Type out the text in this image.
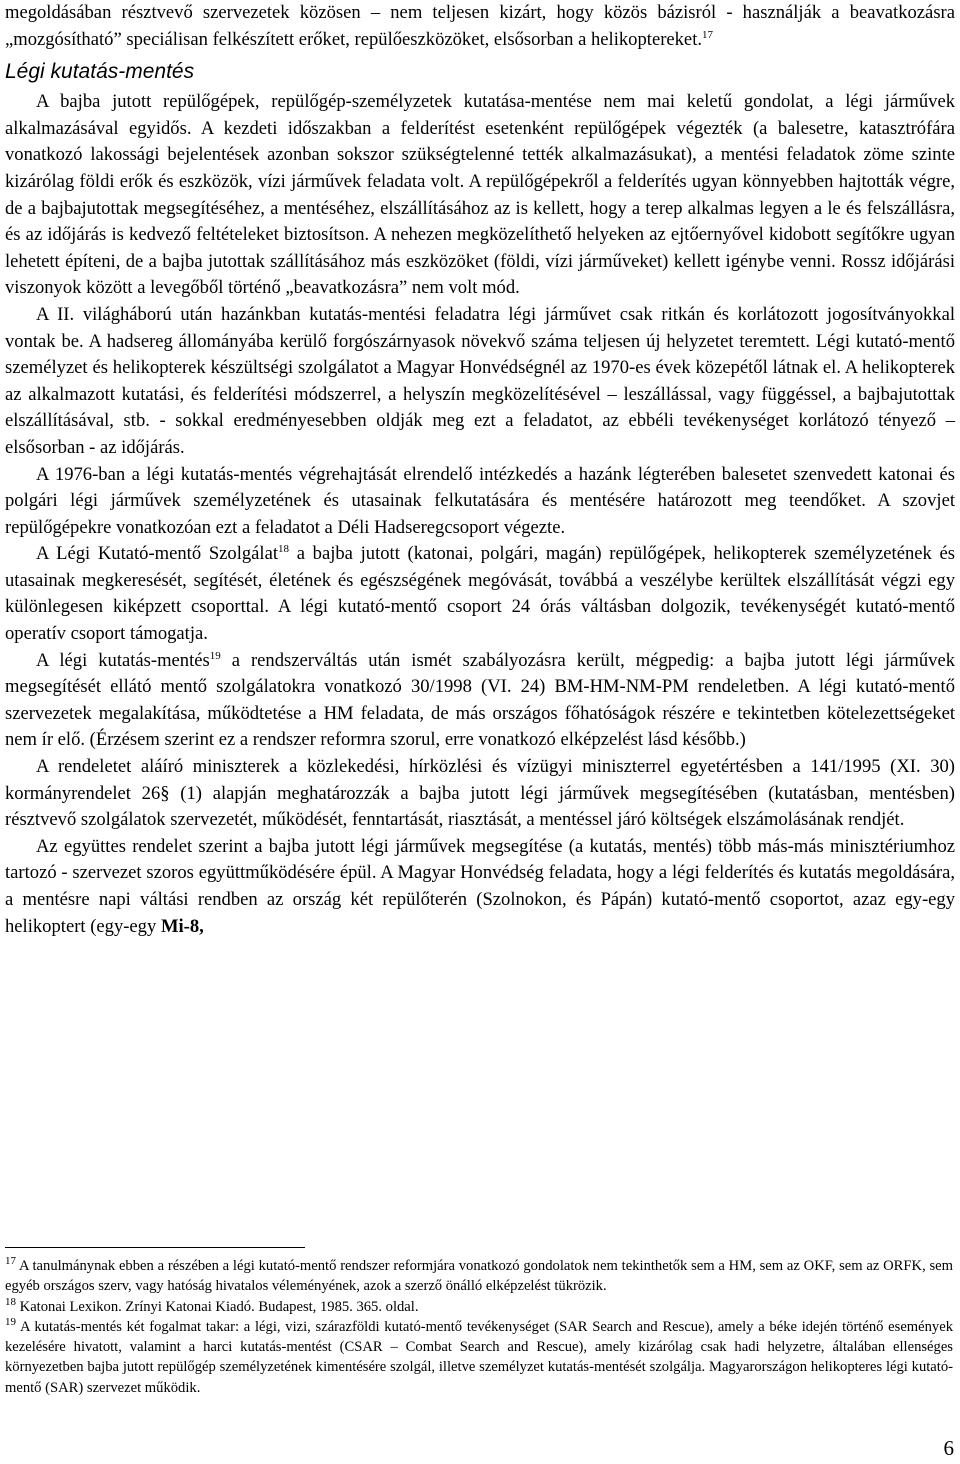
megoldásában résztvevő szervezetek közösen – nem teljesen kizárt, hogy közös bázisról - használják a beavatkozásra „mozgósítható” speciálisan felkészített erőket, repülőeszközöket, elsősorban a helikoptereket.$^{17}$

Légi kutatás-mentés

A bajba jutott repülőgépek, repülőgép-személyzetek kutatása-mentése nem mai keletű gondolat, a légi járművek alkalmazásával egyidős. A kezdeti időszakban a felderítést esetenként repülőgépek végezték (a balesetre, katasztrófára vonatkozó lakossági bejelentések azonban sokszor szükségtelenné tették alkalmazásukat), a mentési feladatok zöme szinte kizárólag földi erők és eszközök, vízi járművek feladata volt. A repülőgépekről a felderítés ugyan könnyebben hajtották végre, de a bajbajutottak megsegítéséhez, a mentéséhez, elszállításához az is kellett, hogy a terep alkalmas legyen a le és felszállásra, és az időjárás is kedvező feltételeket biztosítson. A nehezen megközelíthető helyeken az ejtőernyővel kidobott segítőkre ugyan lehetett építeni, de a bajba jutottak szállításához más eszközöket (földi, vízi járműveket) kellett igénybe venni. Rossz időjárási viszonyok között a levegőből történő „beavatkozásra” nem volt mód.

A II. világháború után hazánkban kutatás-mentési feladatra légi járművet csak ritkán és korlátozott jogosítványokkal vontak be. A hadsereg állományába kerülő forgószárnyasok növekvő száma teljesen új helyzetet teremtett. Légi kutató-mentő személyzet és helikopterek készültségi szolgálatot a Magyar Honvédségnél az 1970-es évek közepétől látnak el. A helikopterek az alkalmazott kutatási, és felderítési módszerrel, a helyszín megközelítésével – leszállással, vagy függéssel, a bajbajutottak elszállításával, stb. - sokkal eredményesebben oldják meg ezt a feladatot, az ebbéli tevékenységet korlátozó tényező – elsősorban - az időjárás.

A 1976-ban a légi kutatás-mentés végrehajtását elrendelő intézkedés a hazánk légterében balesetet szenvedett katonai és polgári légi járművek személyzetének és utasainak felkutatására és mentésére határozott meg teendőket. A szovjet repülőgépekre vonatkozóan ezt a feladatot a Déli Hadseregcsoport végezte.

A Légi Kutató-mentő Szolgálat$^{18}$ a bajba jutott (katonai, polgári, magán) repülőgépek, helikopterek személyzetének és utasainak megkeresését, segítését, életének és egészségének megóvását, továbbá a veszélybe kerültek elszállítását végzi egy különlegesen kiképzett csoporttal. A légi kutató-mentő csoport 24 órás váltásban dolgozik, tevékenységét kutató-mentő operatív csoport támogatja.

A légi kutatás-mentés$^{19}$ a rendszerváltás után ismét szabályozásra került, mégpedig: a bajba jutott légi járművek megsegítését ellátó mentő szolgálatokra vonatkozó 30/1998 (VI. 24) BM-HM-NM-PM rendeletben. A légi kutató-mentő szervezetek megalakítása, működtetése a HM feladata, de más országos főhatóságok részére e tekintetben kötelezettségeket nem ír elő. (Érzésem szerint ez a rendszer reformra szorul, erre vonatkozó elképzelést lásd később.)

A rendeletet aláíró miniszterek a közlekedési, hírközlési és vízügyi miniszterrel egyetértésben a 141/1995 (XI. 30) kormányrendelet 26§ (1) alapján meghatározzák a bajba jutott légi járművek megsegítésében (kutatásban, mentésben) résztvevő szolgálatok szervezetét, működését, fenntartását, riasztását, a mentéssel járó költségek elszámolásának rendjét.

Az együttes rendelet szerint a bajba jutott légi járművek megsegítése (a kutatás, mentés) több más-más minisztériumhoz tartozó - szervezet szoros együttműködésére épül. A Magyar Honvédség feladata, hogy a légi felderítés és kutatás megoldására, a mentésre napi váltási rendben az ország két repülőterén (Szolnokon, és Pápán) kutató-mentő csoportot, azaz egy-egy helikoptert (egy-egy Mi-8,

$^{17}$ A tanulmánynak ebben a részében a légi kutató-mentő rendszer reformjára vonatkozó gondolatok nem tekinthetők sem a HM, sem az OKF, sem az ORFK, sem egyéb országos szerv, vagy hatóság hivatalos véleményének, azok a szerző önálló elképzelést tükrözik.

$^{18}$ Katonai Lexikon. Zrínyi Katonai Kiadó. Budapest, 1985. 365. oldal.

$^{19}$ A kutatás-mentés két fogalmat takar: a légi, vizi, szárazföldi kutató-mentő tevékenységet (SAR Search and Rescue), amely a béke idején történő események kezelésére hivatott, valamint a harci kutatás-mentést (CSAR – Combat Search and Rescue), amely kizárólag csak hadi helyzetre, általában ellenséges környezetben bajba jutott repülőgép személyzetének kimentésére szolgál, illetve személyzet kutatás-mentését szolgálja. Magyarországon helikopteres légi kutató-mentő (SAR) szervezet működik.

6
